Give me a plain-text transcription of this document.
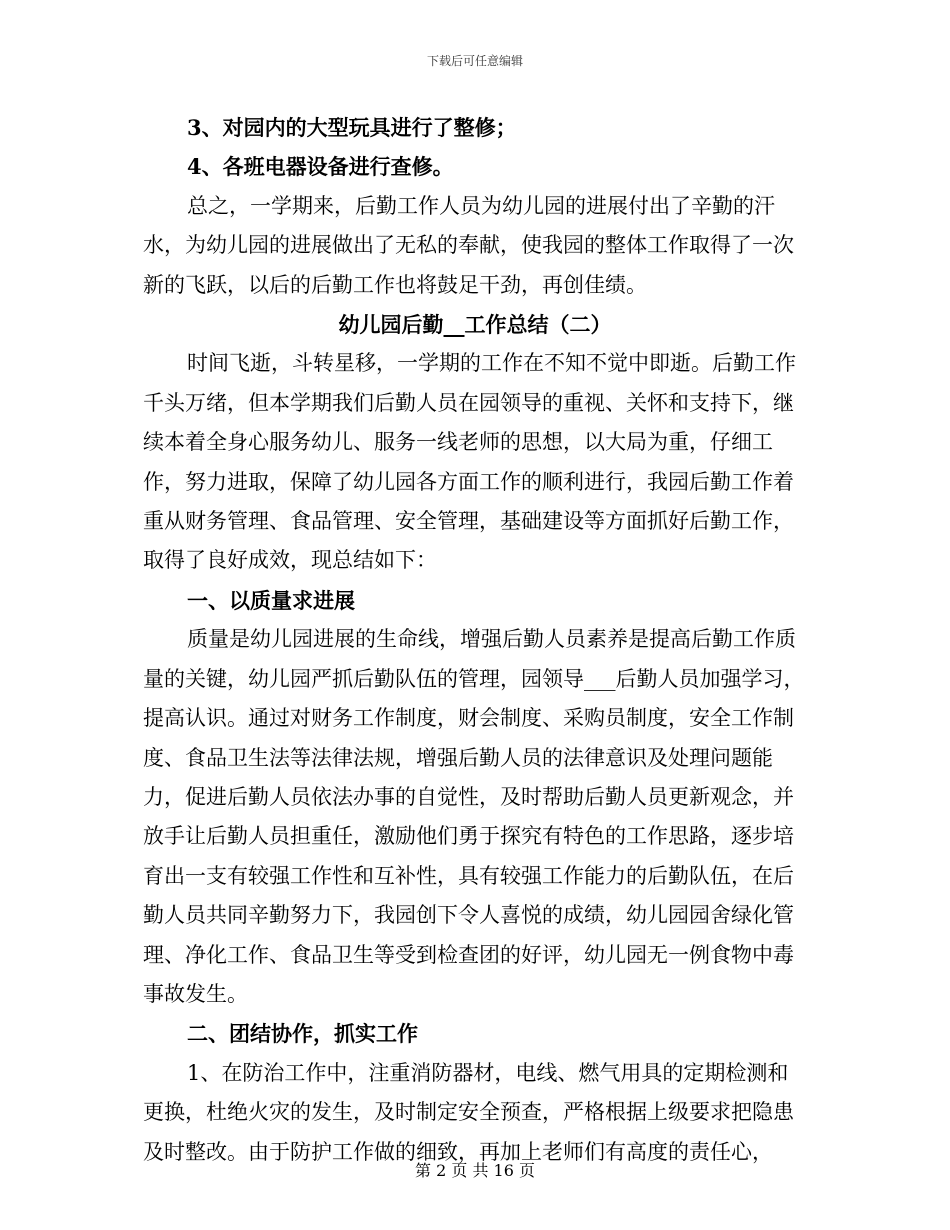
下载后可任意编辑

3、对园内的大型玩具进行了整修；

4、各班电器设备进行查修。

总之，一学期来，后勤工作人员为幼儿园的进展付出了辛勤的汗水，为幼儿园的进展做出了无私的奉献，使我园的整体工作取得了一次新的飞跃，以后的后勤工作也将鼓足干劲，再创佳绩。

幼儿园后勤__工作总结（二）

时间飞逝，斗转星移，一学期的工作在不知不觉中即逝。后勤工作千头万绪，但本学期我们后勤人员在园领导的重视、关怀和支持下，继续本着全身心服务幼儿、服务一线老师的思想，以大局为重，仔细工作，努力进取，保障了幼儿园各方面工作的顺利进行，我园后勤工作着重从财务管理、食品管理、安全管理，基础建设等方面抓好后勤工作，取得了良好成效，现总结如下：

一、以质量求进展

质量是幼儿园进展的生命线，增强后勤人员素养是提高后勤工作质量的关键，幼儿园严抓后勤队伍的管理，园领导___后勤人员加强学习，提高认识。通过对财务工作制度，财会制度、采购员制度，安全工作制度、食品卫生法等法律法规，增强后勤人员的法律意识及处理问题能力，促进后勤人员依法办事的自觉性，及时帮助后勤人员更新观念，并放手让后勤人员担重任，激励他们勇于探究有特色的工作思路，逐步培育出一支有较强工作性和互补性，具有较强工作能力的后勤队伍，在后勤人员共同辛勤努力下，我园创下令人喜悦的成绩，幼儿园园舍绿化管理、净化工作、食品卫生等受到检查团的好评，幼儿园无一例食物中毒事故发生。

二、团结协作，抓实工作

1、在防治工作中，注重消防器材，电线、燃气用具的定期检测和更换，杜绝火灾的发生，及时制定安全预查，严格根据上级要求把隐患及时整改。由于防护工作做的细致，再加上老师们有高度的责任心，

第 2 页 共 16 页
